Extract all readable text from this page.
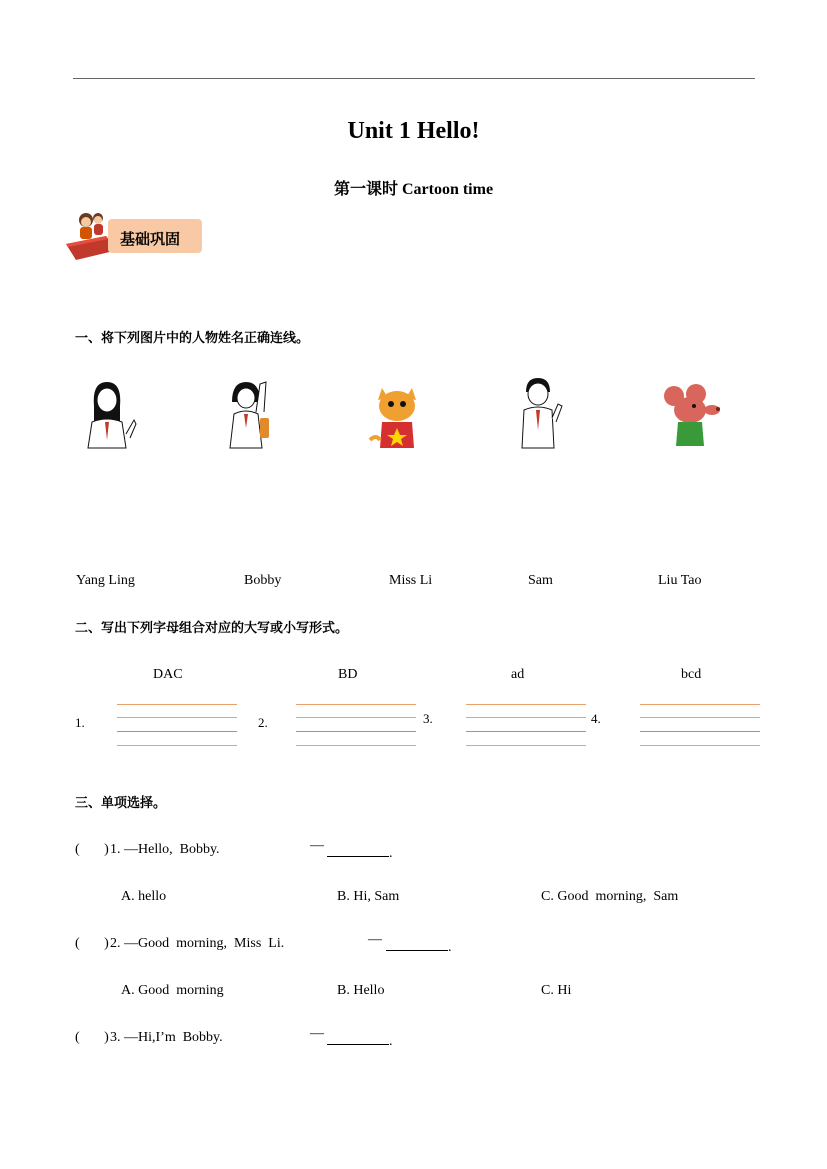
Unit 1 Hello!
第一课时 Cartoon time
基础巩固
一、将下列图片中的人物姓名正确连线。
Yang Ling	Bobby	Miss Li	Sam	Liu Tao
二、写出下列字母组合对应的大写或小写形式。
DAC	BD	ad	bcd
1.	2.	3.	4.
三、单项选择。
(       ) 1. —Hello,  Bobby.	—
.
A. hello	B. Hi, Sam	C. Good  morning,  Sam
(       ) 2. —Good  morning,  Miss  Li.	—
.
A. Good  morning	B. Hello	C. Hi
(       ) 3. —Hi,I’m  Bobby.	—
.
